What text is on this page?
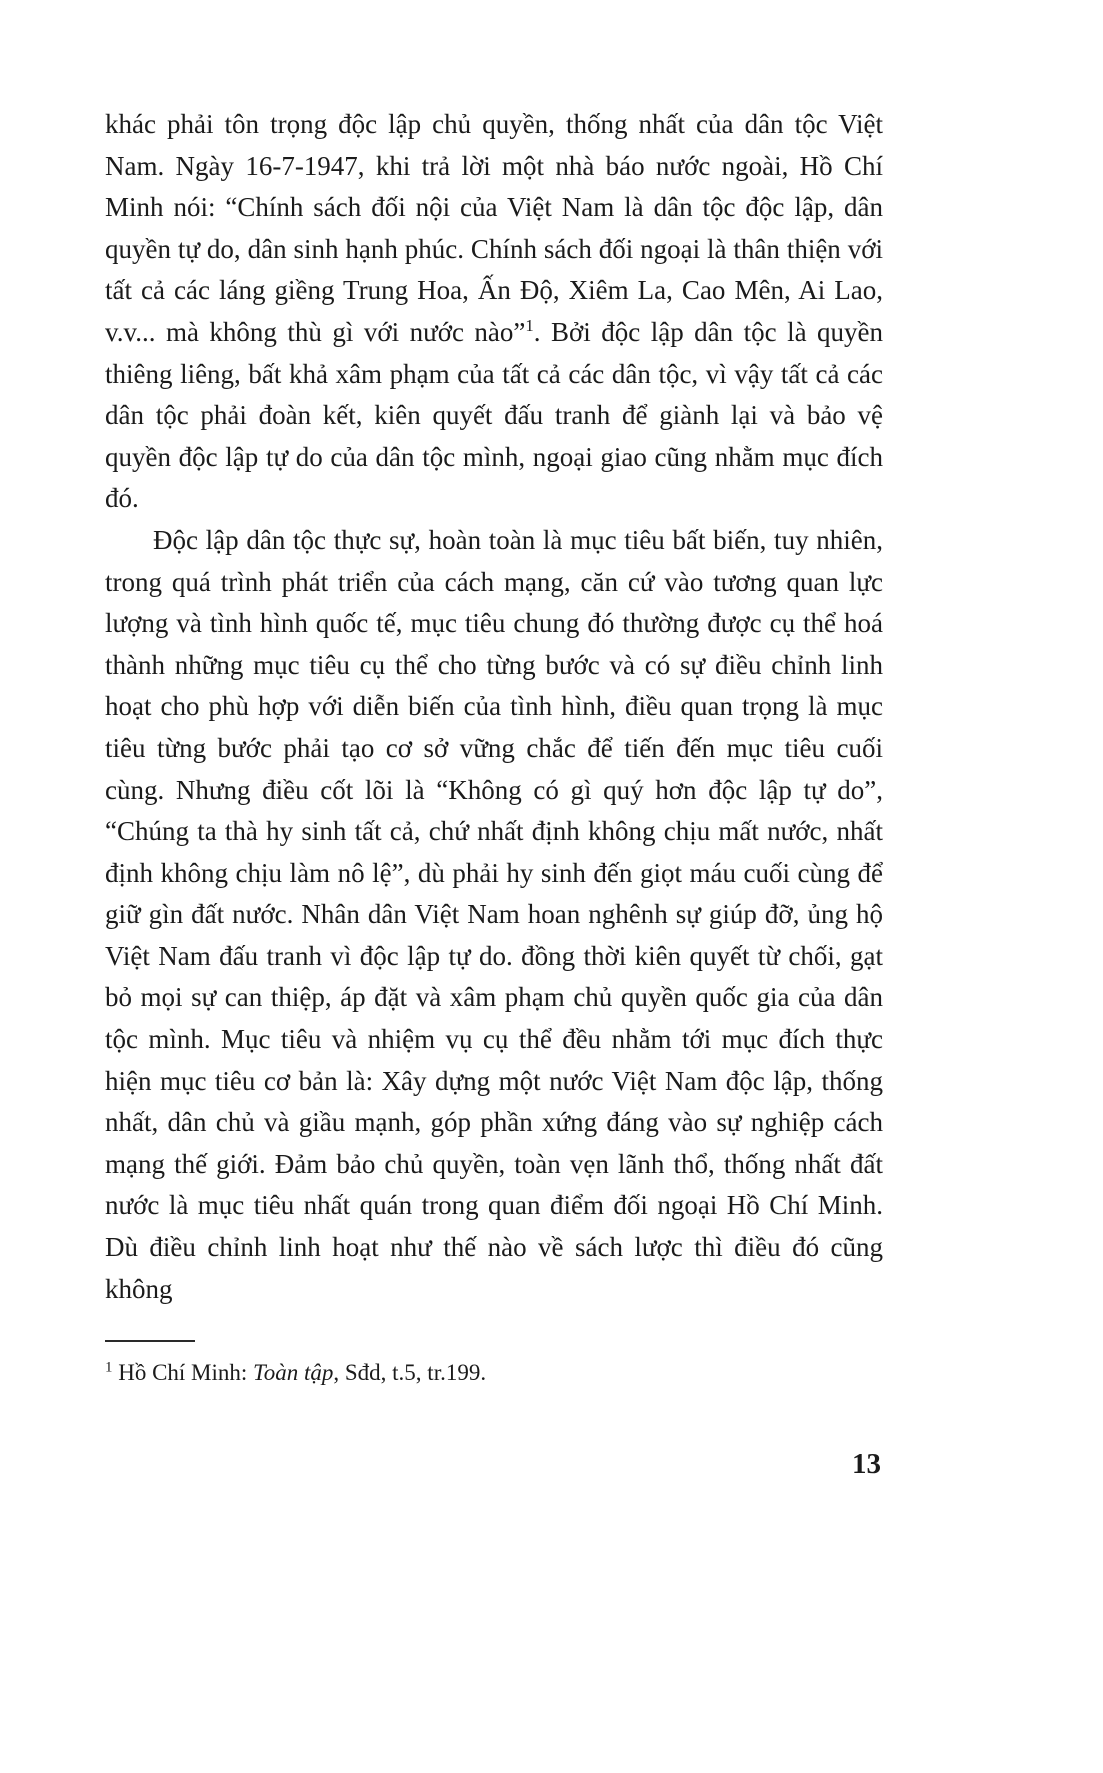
khác phải tôn trọng độc lập chủ quyền, thống nhất của dân tộc Việt Nam. Ngày 16-7-1947, khi trả lời một nhà báo nước ngoài, Hồ Chí Minh nói: “Chính sách đối nội của Việt Nam là dân tộc độc lập, dân quyền tự do, dân sinh hạnh phúc. Chính sách đối ngoại là thân thiện với tất cả các láng giềng Trung Hoa, Ấn Độ, Xiêm La, Cao Mên, Ai Lao, v.v... mà không thù gì với nước nào”$^1$. Bởi độc lập dân tộc là quyền thiêng liêng, bất khả xâm phạm của tất cả các dân tộc, vì vậy tất cả các dân tộc phải đoàn kết, kiên quyết đấu tranh để giành lại và bảo vệ quyền độc lập tự do của dân tộc mình, ngoại giao cũng nhằm mục đích đó.

Độc lập dân tộc thực sự, hoàn toàn là mục tiêu bất biến, tuy nhiên, trong quá trình phát triển của cách mạng, căn cứ vào tương quan lực lượng và tình hình quốc tế, mục tiêu chung đó thường được cụ thể hoá thành những mục tiêu cụ thể cho từng bước và có sự điều chỉnh linh hoạt cho phù hợp với diễn biến của tình hình, điều quan trọng là mục tiêu từng bước phải tạo cơ sở vững chắc để tiến đến mục tiêu cuối cùng. Nhưng điều cốt lõi là “Không có gì quý hơn độc lập tự do”, “Chúng ta thà hy sinh tất cả, chứ nhất định không chịu mất nước, nhất định không chịu làm nô lệ”, dù phải hy sinh đến giọt máu cuối cùng để giữ gìn đất nước. Nhân dân Việt Nam hoan nghênh sự giúp đỡ, ủng hộ Việt Nam đấu tranh vì độc lập tự do. đồng thời kiên quyết từ chối, gạt bỏ mọi sự can thiệp, áp đặt và xâm phạm chủ quyền quốc gia của dân tộc mình. Mục tiêu và nhiệm vụ cụ thể đều nhằm tới mục đích thực hiện mục tiêu cơ bản là: Xây dựng một nước Việt Nam độc lập, thống nhất, dân chủ và giầu mạnh, góp phần xứng đáng vào sự nghiệp cách mạng thế giới. Đảm bảo chủ quyền, toàn vẹn lãnh thổ, thống nhất đất nước là mục tiêu nhất quán trong quan điểm đối ngoại Hồ Chí Minh. Dù điều chỉnh linh hoạt như thế nào về sách lược thì điều đó cũng không

$^1$ Hồ Chí Minh: Toàn tập, Sđd, t.5, tr.199.

13
